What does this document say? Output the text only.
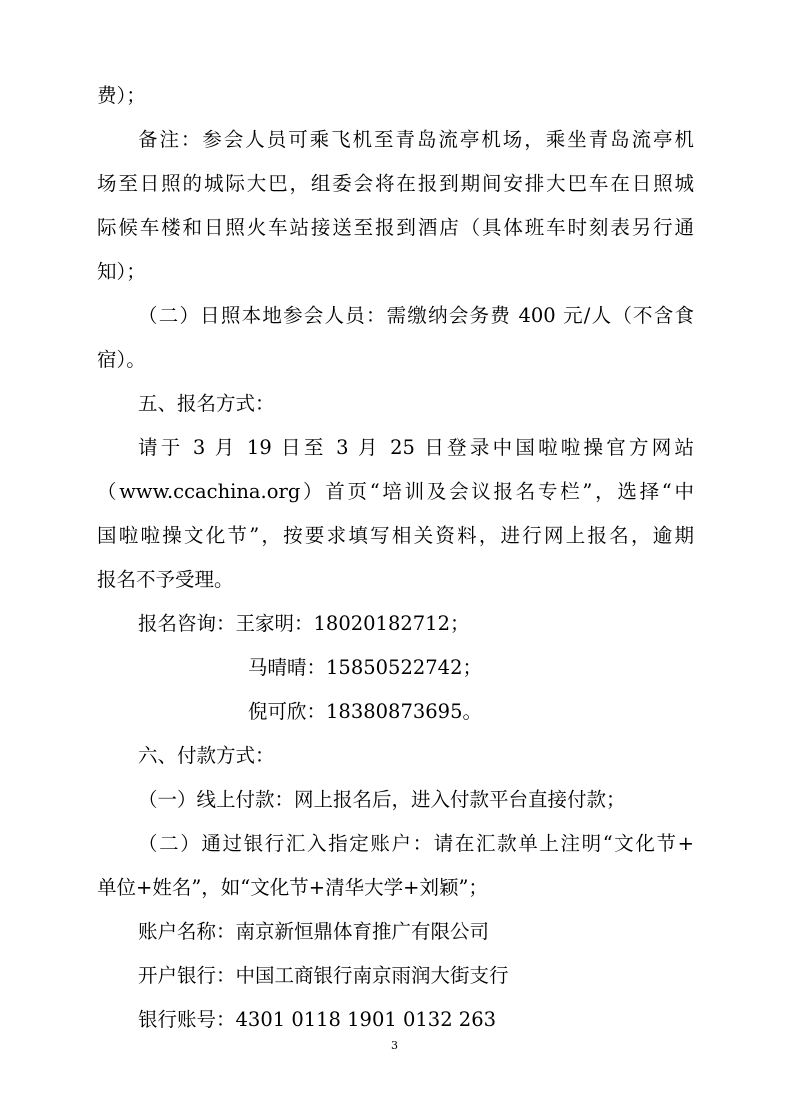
费）；
备注：参会人员可乘飞机至青岛流亭机场，乘坐青岛流亭机
场至日照的城际大巴，组委会将在报到期间安排大巴车在日照城
际候车楼和日照火车站接送至报到酒店（具体班车时刻表另行通
知）；
（二）日照本地参会人员：需缴纳会务费 400 元/人（不含食
宿）。
五、报名方式：
请于 3 月 19 日至 3 月 25 日登录中国啦啦操官方网站
（www.ccachina.org）首页“培训及会议报名专栏”，选择“中
国啦啦操文化节”，按要求填写相关资料，进行网上报名，逾期
报名不予受理。
报名咨询：王家明：18020182712；
马晴晴：15850522742；
倪可欣：18380873695。
六、付款方式：
（一）线上付款：网上报名后，进入付款平台直接付款；
（二）通过银行汇入指定账户：请在汇款单上注明“文化节+
单位+姓名”，如“文化节+清华大学+刘颖”；
账户名称：南京新恒鼎体育推广有限公司
开户银行：中国工商银行南京雨润大街支行
银行账号：4301 0118 1901 0132 263
3
